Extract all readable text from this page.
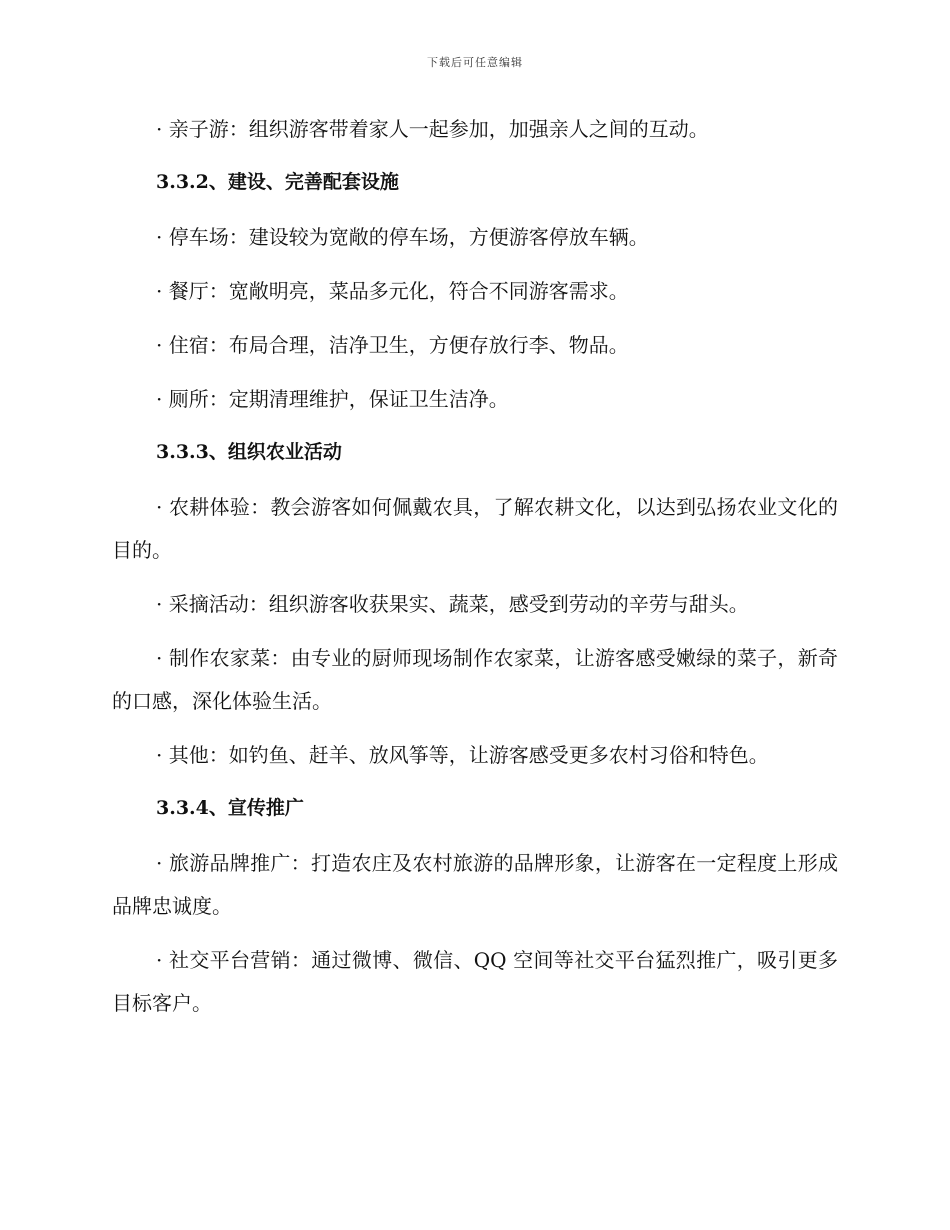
下载后可任意编辑

· 亲子游：组织游客带着家人一起参加，加强亲人之间的互动。

3.3.2、建设、完善配套设施

· 停车场：建设较为宽敞的停车场，方便游客停放车辆。

· 餐厅：宽敞明亮，菜品多元化，符合不同游客需求。

· 住宿：布局合理，洁净卫生，方便存放行李、物品。

· 厕所：定期清理维护，保证卫生洁净。

3.3.3、组织农业活动

· 农耕体验：教会游客如何佩戴农具，了解农耕文化，以达到弘扬农业文化的目的。

· 采摘活动：组织游客收获果实、蔬菜，感受到劳动的辛劳与甜头。

· 制作农家菜：由专业的厨师现场制作农家菜，让游客感受嫩绿的菜子，新奇的口感，深化体验生活。

· 其他：如钓鱼、赶羊、放风筝等，让游客感受更多农村习俗和特色。

3.3.4、宣传推广

· 旅游品牌推广：打造农庄及农村旅游的品牌形象，让游客在一定程度上形成品牌忠诚度。

· 社交平台营销：通过微博、微信、QQ 空间等社交平台猛烈推广，吸引更多目标客户。
